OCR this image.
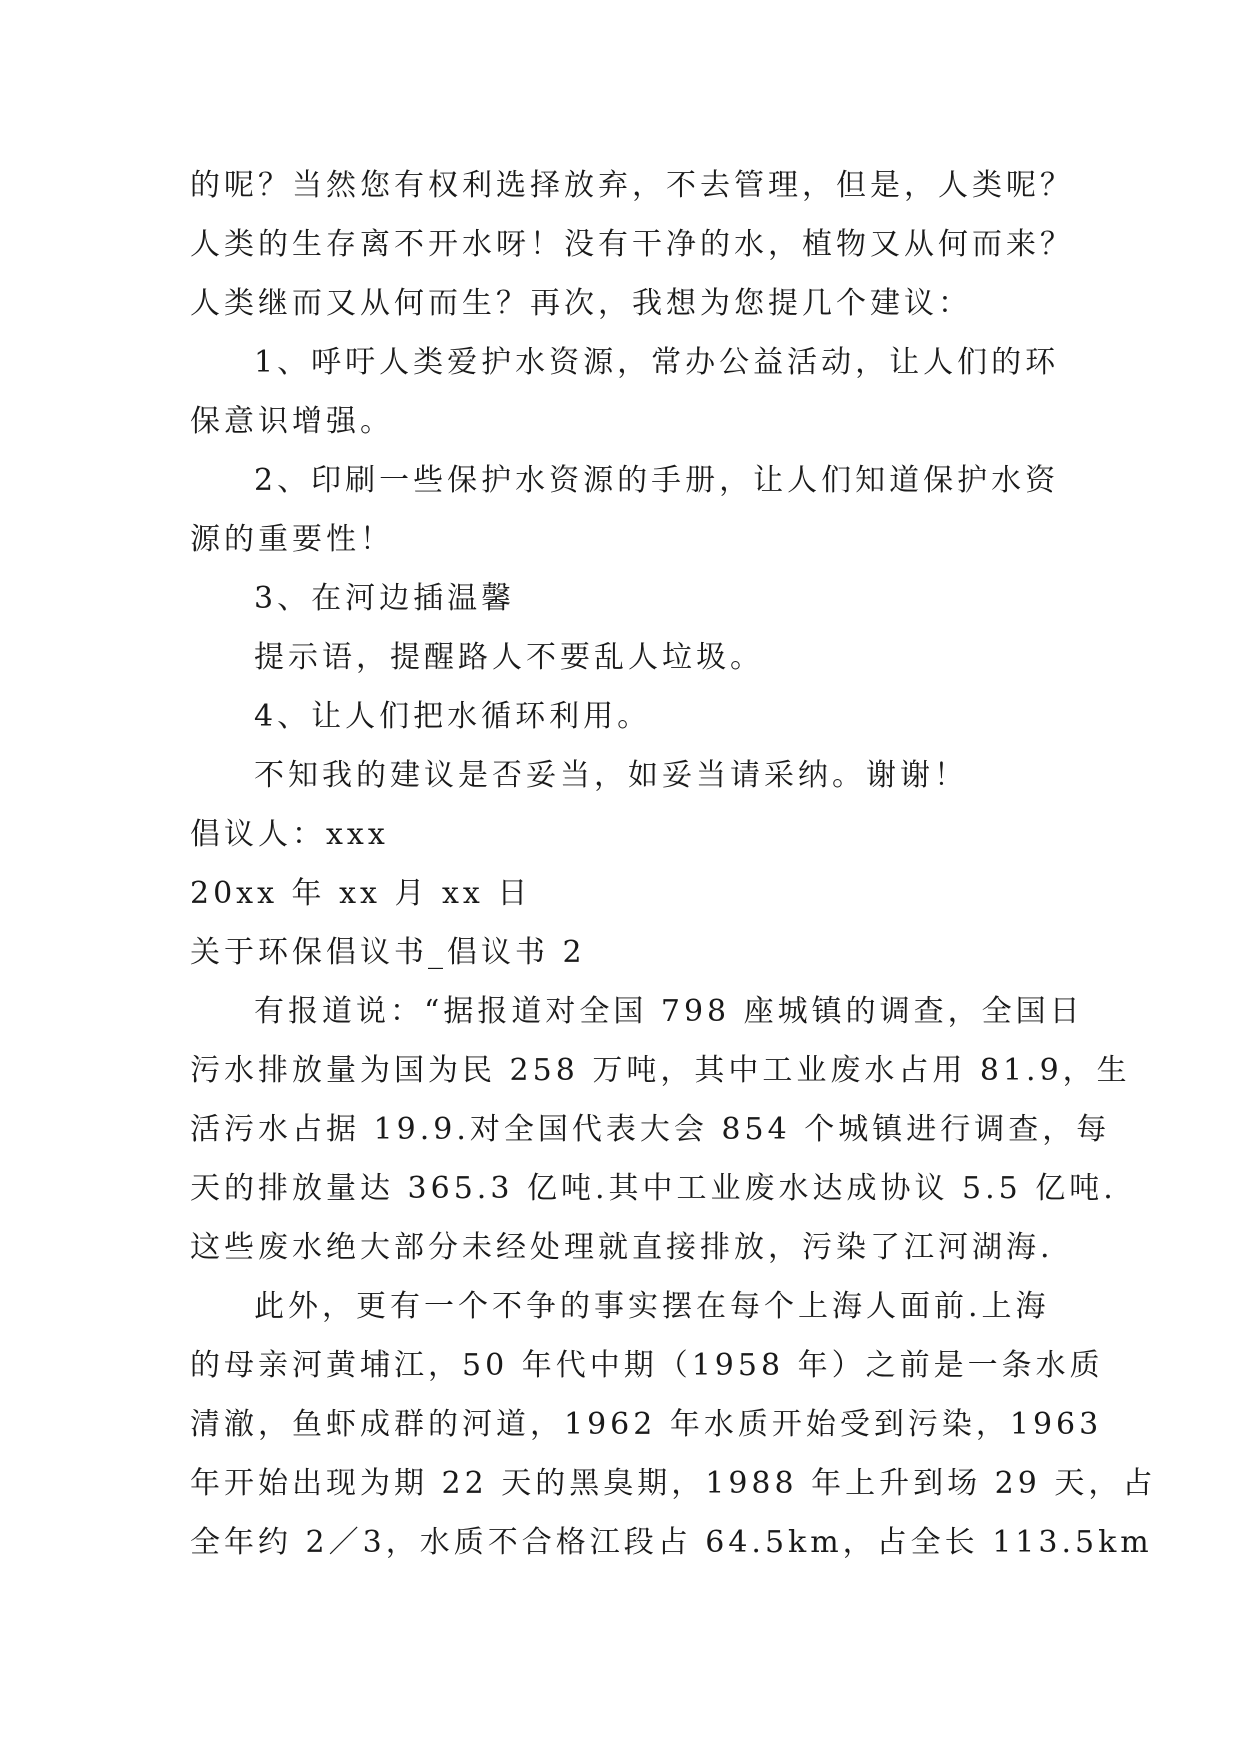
的呢？当然您有权利选择放弃，不去管理，但是，人类呢？
人类的生存离不开水呀！没有干净的水，植物又从何而来？
人类继而又从何而生？再次，我想为您提几个建议：
1、呼吁人类爱护水资源，常办公益活动，让人们的环
保意识增强。
2、印刷一些保护水资源的手册，让人们知道保护水资
源的重要性！
3、在河边插温馨
提示语，提醒路人不要乱人垃圾。
4、让人们把水循环利用。
不知我的建议是否妥当，如妥当请采纳。谢谢！
倡议人：xxx
20xx 年 xx 月 xx 日
关于环保倡议书_倡议书 2
有报道说：“据报道对全国 798 座城镇的调查，全国日
污水排放量为国为民 258 万吨，其中工业废水占用 81.9，生
活污水占据 19.9.对全国代表大会 854 个城镇进行调查，每
天的排放量达 365.3 亿吨.其中工业废水达成协议 5.5 亿吨.
这些废水绝大部分未经处理就直接排放，污染了江河湖海.
此外，更有一个不争的事实摆在每个上海人面前.上海
的母亲河黄埔江，50 年代中期（1958 年）之前是一条水质
清澈，鱼虾成群的河道，1962 年水质开始受到污染，1963
年开始出现为期 22 天的黑臭期，1988 年上升到场 29 天，占
全年约 2／3，水质不合格江段占 64.5km，占全长 113.5km
